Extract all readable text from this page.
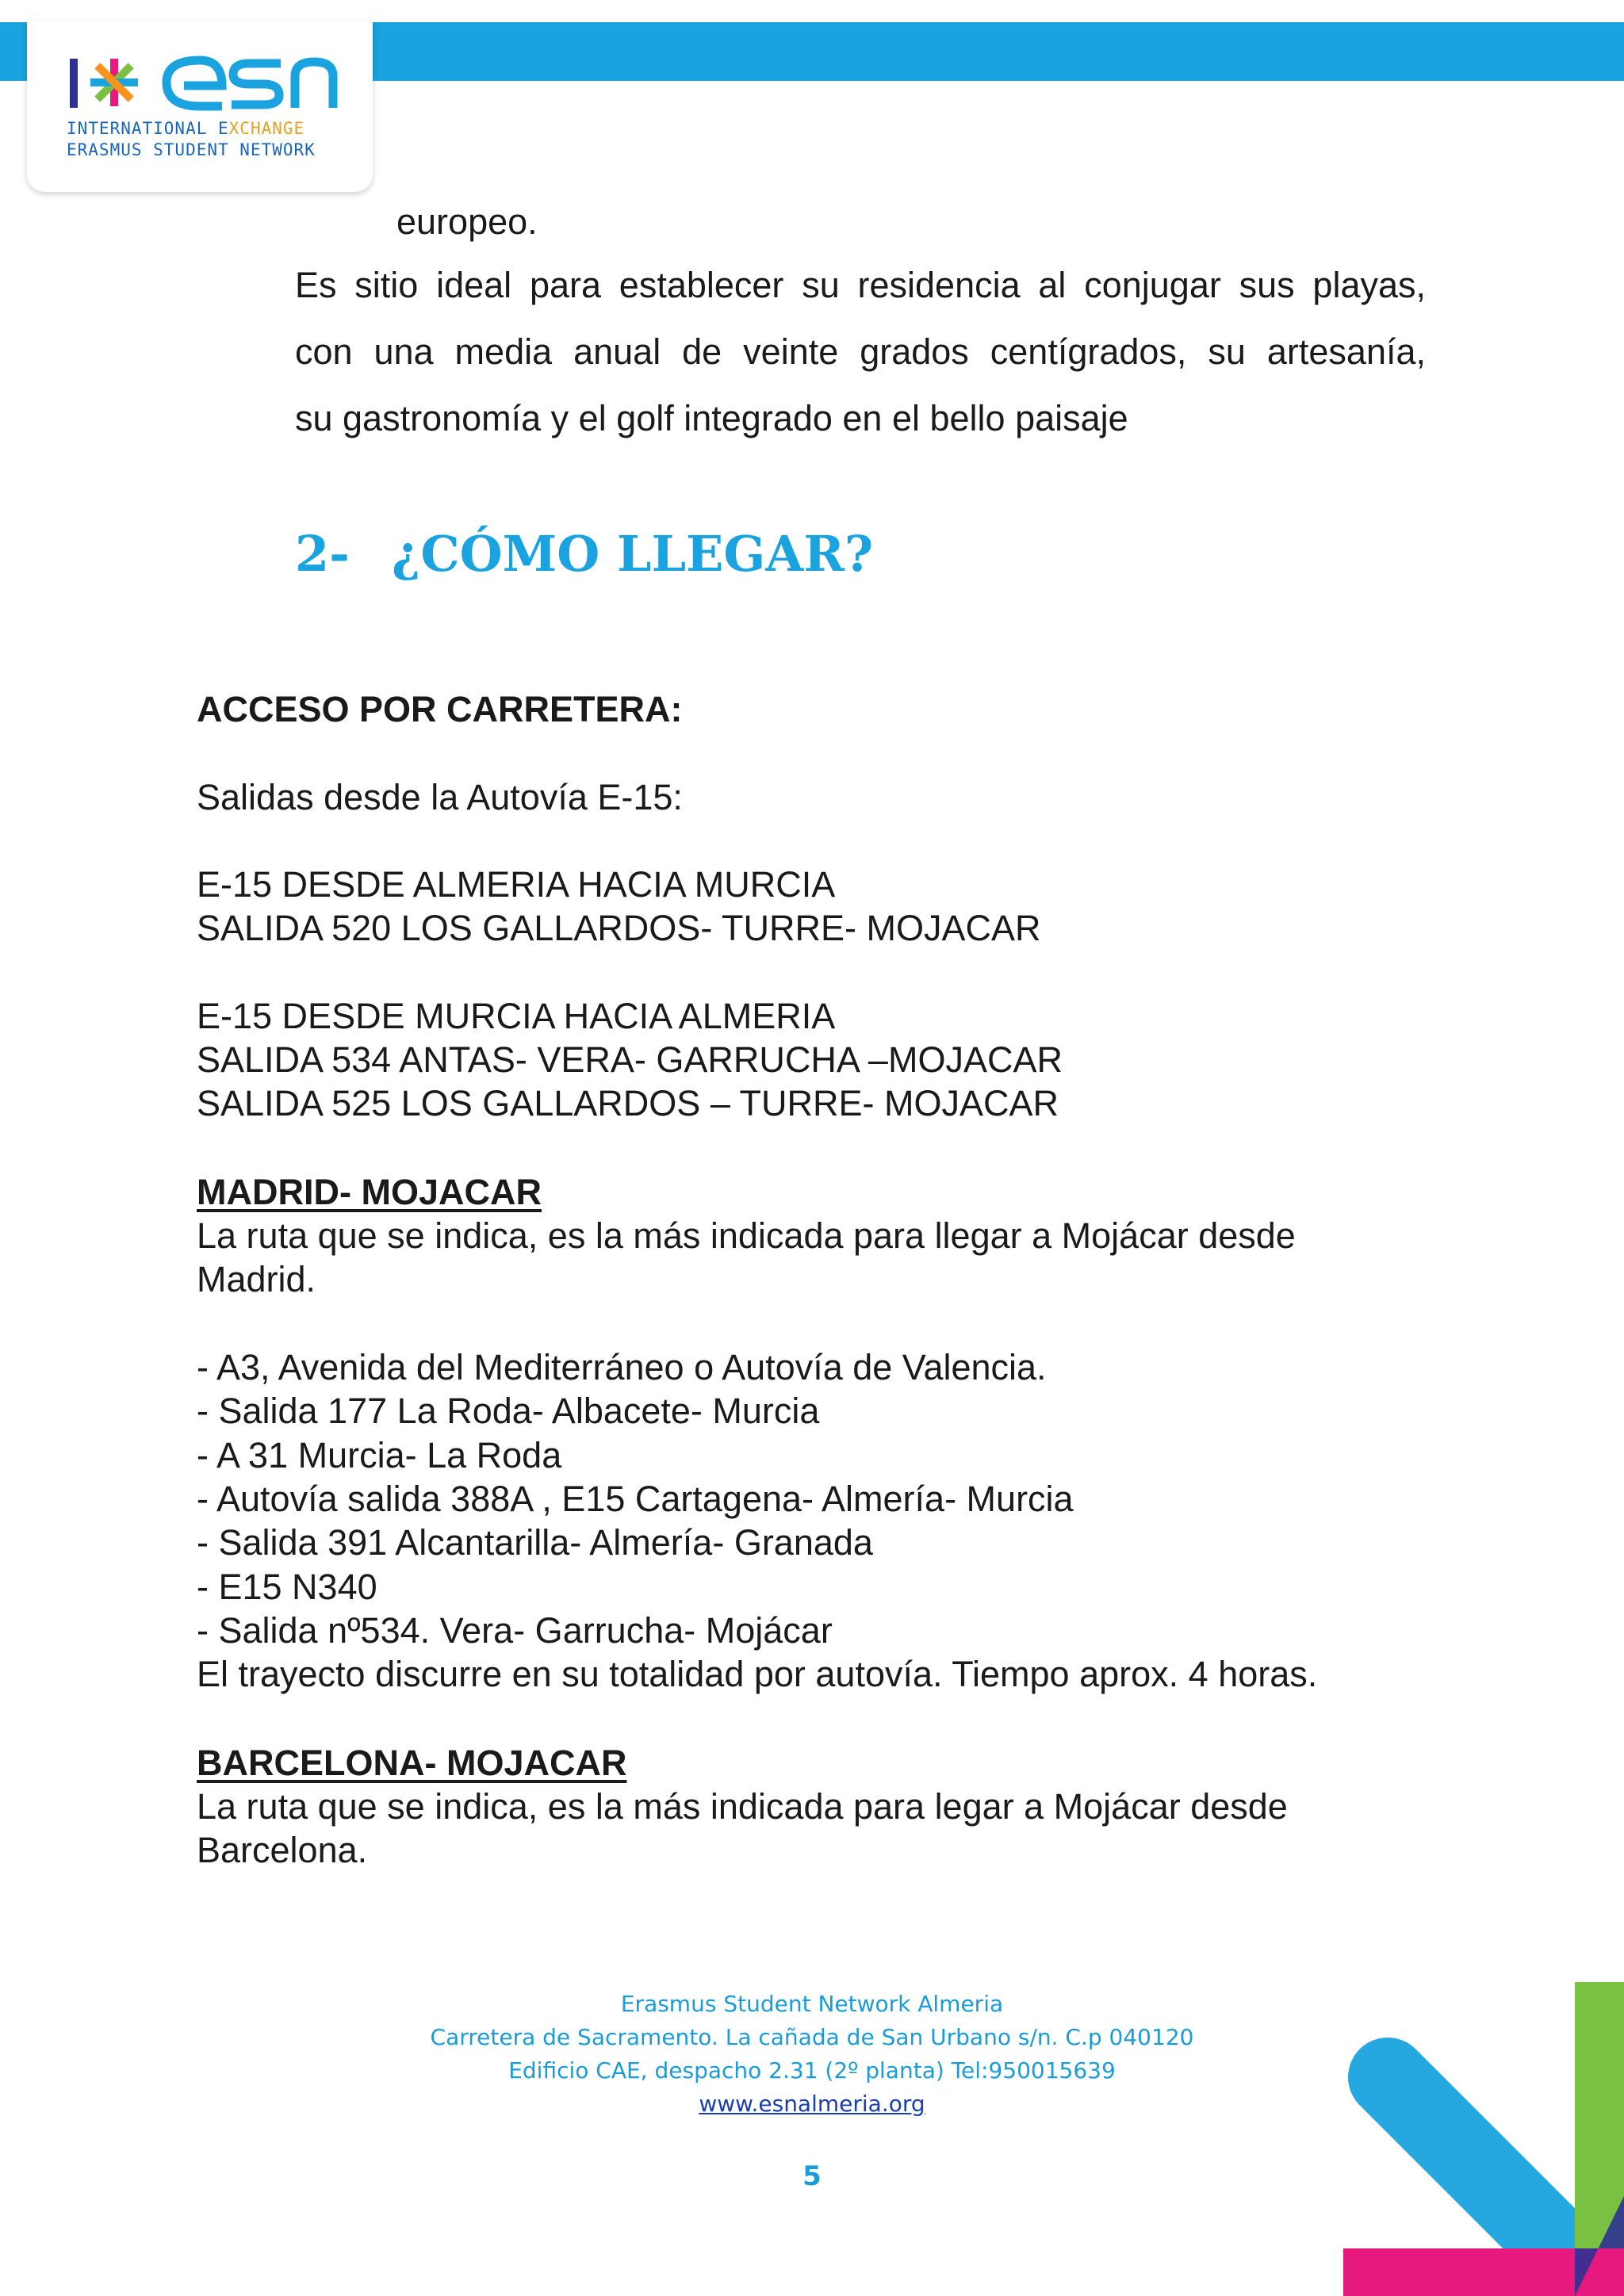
INTERNATIONAL EXCHANGE
ERASMUS STUDENT NETWORK
europeo.
Es sitio ideal para establecer su residencia al conjugar sus playas,
con una media anual de veinte grados centígrados, su artesanía,
su gastronomía y el golf integrado en el bello paisaje
2- ¿CÓMO LLEGAR?
ACCESO POR CARRETERA:
Salidas desde la Autovía E-15:
E-15 DESDE ALMERIA HACIA MURCIA
SALIDA 520 LOS GALLARDOS- TURRE- MOJACAR
E-15 DESDE MURCIA HACIA ALMERIA
SALIDA 534 ANTAS- VERA- GARRUCHA –MOJACAR
SALIDA 525 LOS GALLARDOS – TURRE- MOJACAR
MADRID- MOJACAR
La ruta que se indica, es la más indicada para llegar a Mojácar desde
Madrid.
- A3, Avenida del Mediterráneo o Autovía de Valencia.
- Salida 177 La Roda- Albacete- Murcia
- A 31 Murcia- La Roda
- Autovía salida 388A , E15 Cartagena- Almería- Murcia
- Salida 391 Alcantarilla- Almería- Granada
- E15 N340
- Salida nº534. Vera- Garrucha- Mojácar
El trayecto discurre en su totalidad por autovía. Tiempo aprox. 4 horas.
BARCELONA- MOJACAR
La ruta que se indica, es la más indicada para legar a Mojácar desde
Barcelona.
Erasmus Student Network Almeria
Carretera de Sacramento. La cañada de San Urbano s/n. C.p 040120
Edificio CAE, despacho 2.31 (2º planta) Tel:950015639
www.esnalmeria.org
5
